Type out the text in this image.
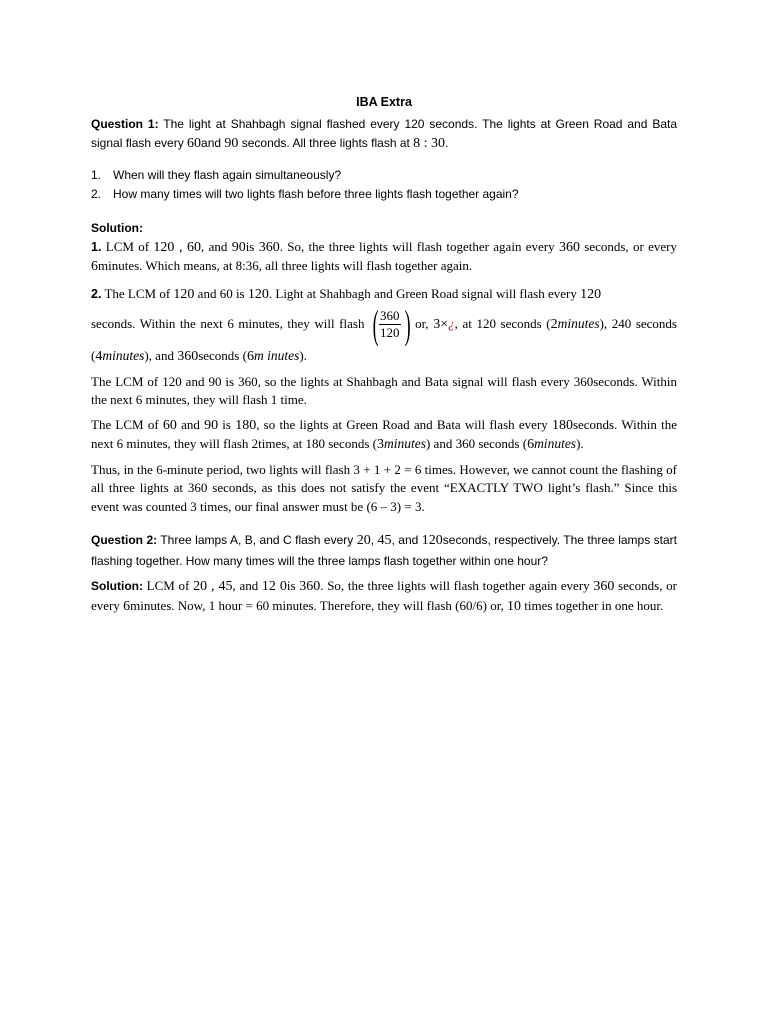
IBA Extra

Question 1: The light at Shahbagh signal flashed every 120 seconds. The lights at Green Road and Bata signal flash every 60and 90 seconds. All three lights flash at 8 : 30.

1. When will they flash again simultaneously?
2. How many times will two lights flash before three lights flash together again?

Solution:

1. LCM of 120 , 60, and 90is 360. So, the three lights will flash together again every 360 seconds, or every 6minutes. Which means, at 8:36, all three lights will flash together again.

2. The LCM of 120 and 60 is 120. Light at Shahbagh and Green Road signal will flash every 120
seconds. Within the next 6 minutes, they will flash ( $\frac{360}{120}$ ) or, 3×¿, at 120 seconds (2minutes), 240 seconds (4minutes), and 360seconds (6m inutes).

The LCM of 120 and 90 is 360, so the lights at Shahbagh and Bata signal will flash every 360seconds. Within the next 6 minutes, they will flash 1 time.

The LCM of 60 and 90 is 180, so the lights at Green Road and Bata will flash every 180seconds. Within the next 6 minutes, they will flash 2times, at 180 seconds (3minutes) and 360 seconds (6minutes).

Thus, in the 6-minute period, two lights will flash 3 + 1 + 2 = 6 times. However, we cannot count the flashing of all three lights at 360 seconds, as this does not satisfy the event “EXACTLY TWO light’s flash.” Since this event was counted 3 times, our final answer must be (6 – 3) = 3.

Question 2: Three lamps A, B, and C flash every 20, 45, and 120seconds, respectively. The three lamps start flashing together. How many times will the three lamps flash together within one hour?

Solution: LCM of 20 , 45, and 12 0is 360. So, the three lights will flash together again every 360 seconds, or every 6minutes. Now, 1 hour = 60 minutes. Therefore, they will flash (60/6) or, 10 times together in one hour.
